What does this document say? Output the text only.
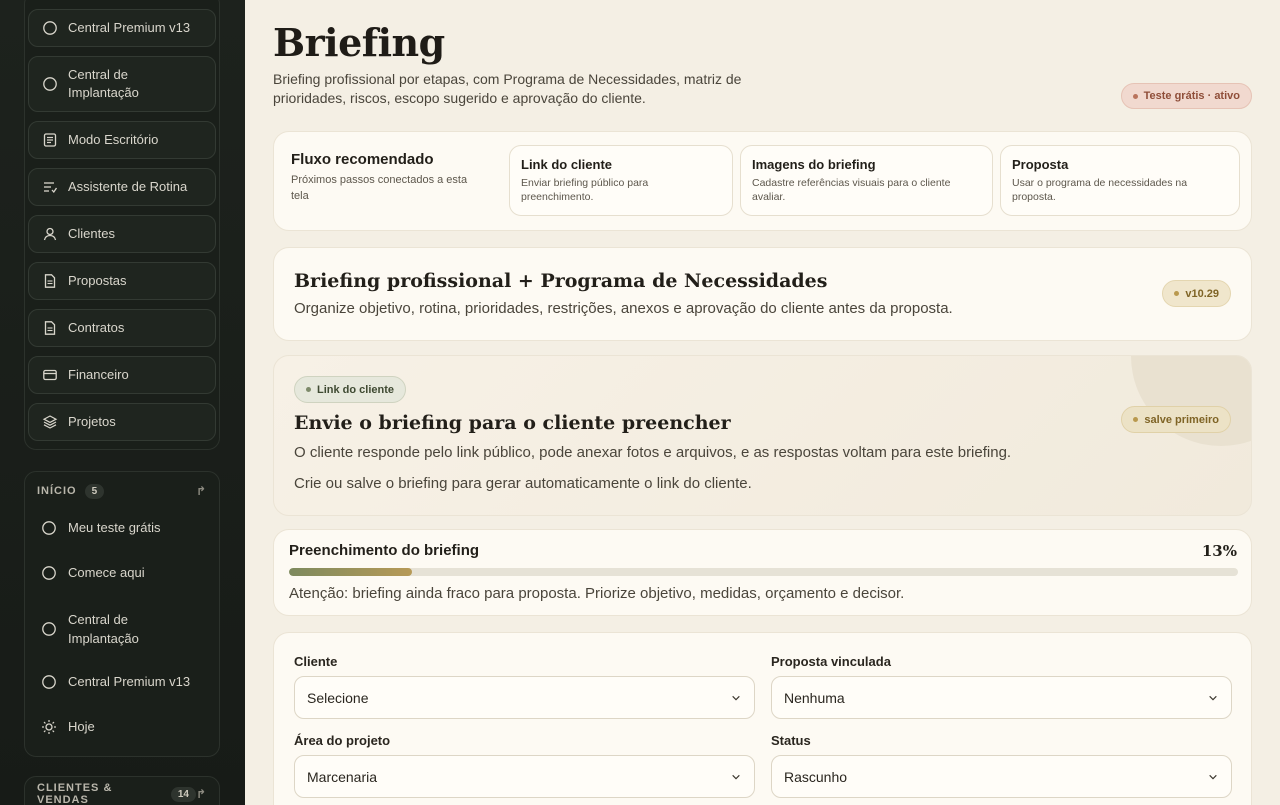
Central Premium v13
Central de Implantação
Modo Escritório
Assistente de Rotina
Clientes
Propostas
Contratos
Financeiro
Projetos
INÍCIO	5	↱
Meu teste grátis
Comece aqui
Central de Implantação
Central Premium v13
Hoje
CLIENTES & VENDAS	14 ↱
Briefing

Briefing profissional por etapas, com Programa de Necessidades, matriz de prioridades, riscos, escopo sugerido e aprovação do cliente.	Teste grátis · ativo
Fluxo recomendado
Próximos passos conectados a esta tela
Link do cliente
Enviar briefing público para preenchimento.
Imagens do briefing
Cadastre referências visuais para o cliente avaliar.
Proposta
Usar o programa de necessidades na proposta.
Briefing profissional + Programa de Necessidades

Organize objetivo, rotina, prioridades, restrições, anexos e aprovação do cliente antes da proposta.

v10.29
Link do cliente
Envie o briefing para o cliente preencher

O cliente responde pelo link público, pode anexar fotos e arquivos, e as respostas voltam para este briefing.

Crie ou salve o briefing para gerar automaticamente o link do cliente.

salve primeiro
Preenchimento do briefing	13%

Atenção: briefing ainda fraco para proposta. Priorize objetivo, medidas, orçamento e decisor.

Cliente
Selecione
Proposta vinculada
Nenhuma
Área do projeto
Marcenaria
Status
Rascunho
